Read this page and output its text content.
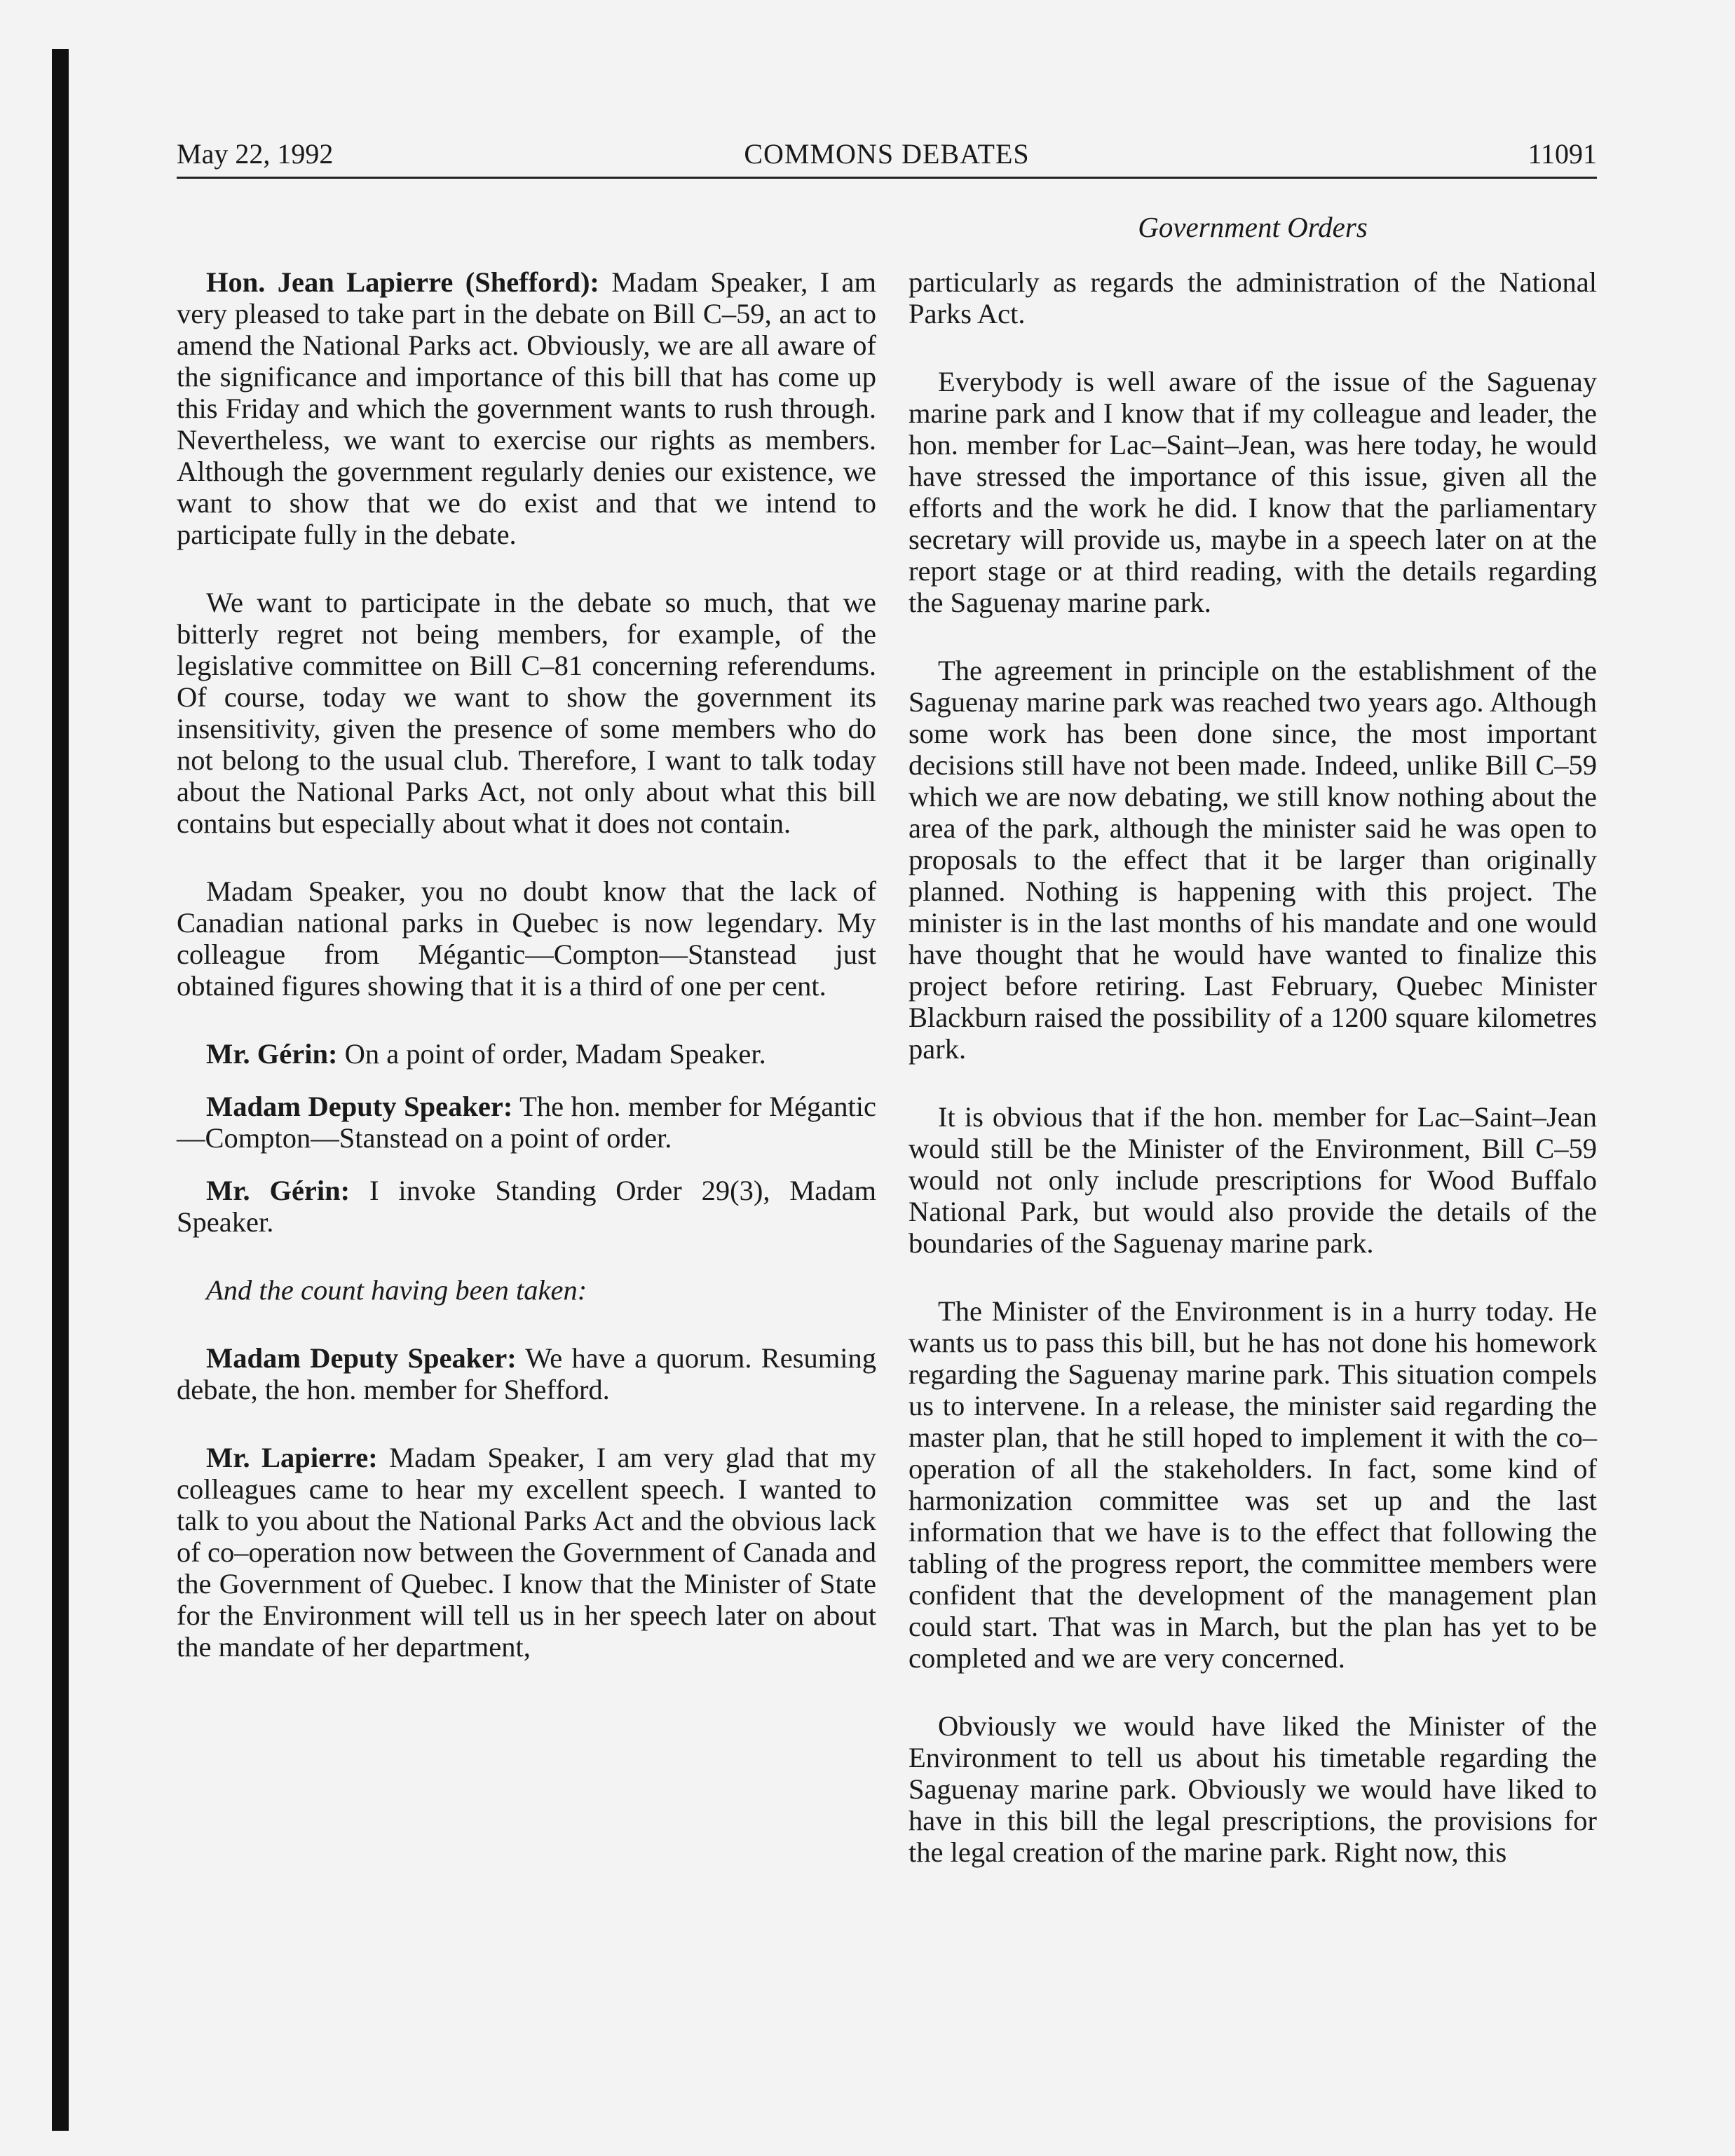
May 22, 1992	COMMONS DEBATES	11091
Government Orders

Hon. Jean Lapierre (Shefford): Madam Speaker, I am very pleased to take part in the debate on Bill C–59, an act to amend the National Parks act. Obviously, we are all aware of the significance and importance of this bill that has come up this Friday and which the government wants to rush through. Nevertheless, we want to exercise our rights as members. Although the government regularly denies our existence, we want to show that we do exist and that we intend to participate fully in the debate.

We want to participate in the debate so much, that we bitterly regret not being members, for example, of the legislative committee on Bill C–81 concerning referendums. Of course, today we want to show the government its insensitivity, given the presence of some members who do not belong to the usual club. Therefore, I want to talk today about the National Parks Act, not only about what this bill contains but especially about what it does not contain.

Madam Speaker, you no doubt know that the lack of Canadian national parks in Quebec is now legendary. My colleague from Mégantic—Compton—Stanstead just obtained figures showing that it is a third of one per cent.

Mr. Gérin: On a point of order, Madam Speaker.

Madam Deputy Speaker: The hon. member for Mégantic—Compton—Stanstead on a point of order.

Mr. Gérin: I invoke Standing Order 29(3), Madam Speaker.

And the count having been taken:

Madam Deputy Speaker: We have a quorum. Resuming debate, the hon. member for Shefford.

Mr. Lapierre: Madam Speaker, I am very glad that my colleagues came to hear my excellent speech. I wanted to talk to you about the National Parks Act and the obvious lack of co–operation now between the Government of Canada and the Government of Quebec. I know that the Minister of State for the Environment will tell us in her speech later on about the mandate of her department,

particularly as regards the administration of the National Parks Act.

Everybody is well aware of the issue of the Saguenay marine park and I know that if my colleague and leader, the hon. member for Lac–Saint–Jean, was here today, he would have stressed the importance of this issue, given all the efforts and the work he did. I know that the parliamentary secretary will provide us, maybe in a speech later on at the report stage or at third reading, with the details regarding the Saguenay marine park.

The agreement in principle on the establishment of the Saguenay marine park was reached two years ago. Although some work has been done since, the most important decisions still have not been made. Indeed, unlike Bill C–59 which we are now debating, we still know nothing about the area of the park, although the minister said he was open to proposals to the effect that it be larger than originally planned. Nothing is happening with this project. The minister is in the last months of his mandate and one would have thought that he would have wanted to finalize this project before retiring. Last February, Quebec Minister Blackburn raised the possibility of a 1200 square kilometres park.

It is obvious that if the hon. member for Lac–Saint–Jean would still be the Minister of the Environment, Bill C–59 would not only include prescriptions for Wood Buffalo National Park, but would also provide the details of the boundaries of the Saguenay marine park.

The Minister of the Environment is in a hurry today. He wants us to pass this bill, but he has not done his homework regarding the Saguenay marine park. This situation compels us to intervene. In a release, the minister said regarding the master plan, that he still hoped to implement it with the co–operation of all the stakeholders. In fact, some kind of harmonization committee was set up and the last information that we have is to the effect that following the tabling of the progress report, the committee members were confident that the development of the management plan could start. That was in March, but the plan has yet to be completed and we are very concerned.

Obviously we would have liked the Minister of the Environment to tell us about his timetable regarding the Saguenay marine park. Obviously we would have liked to have in this bill the legal prescriptions, the provisions for the legal creation of the marine park. Right now, this
